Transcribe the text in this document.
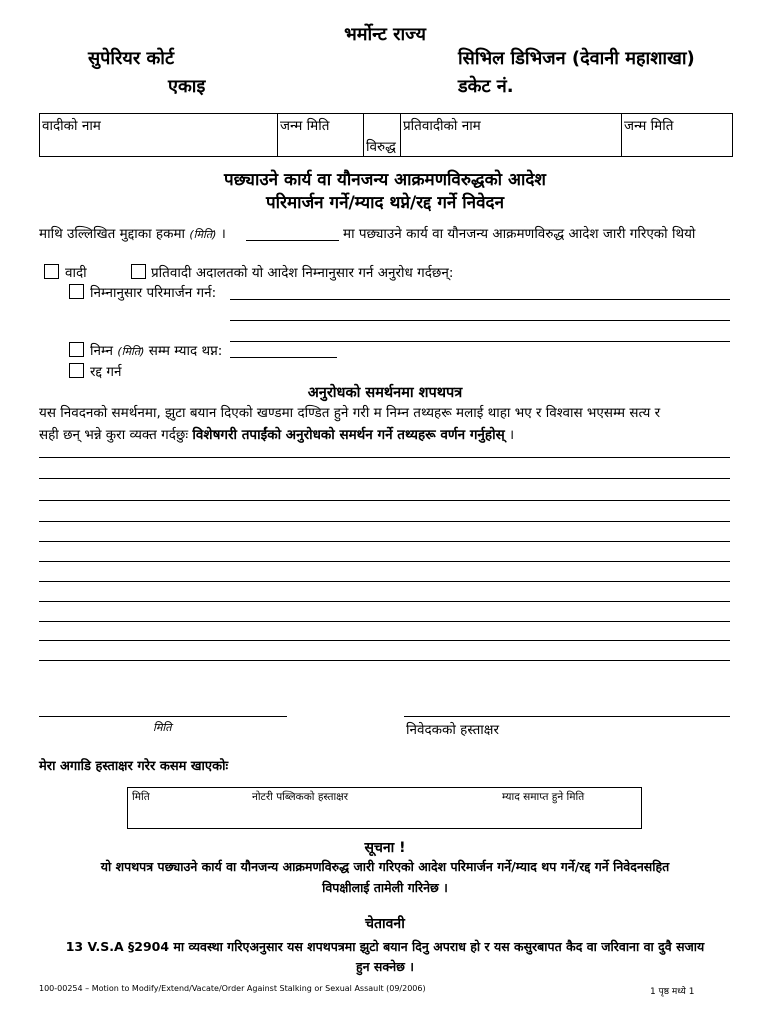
भर्मोन्ट राज्य
सुपेरियर कोर्ट
एकाइ
सिभिल डिभिजन (देवानी महाशाखा)
डकेट नं.
वादीको नाम	जन्म मिति
विरुद्ध
प्रतिवादीको नाम	जन्म मिति
पछ्याउने कार्य वा यौनजन्य आक्रमणविरुद्धको आदेश
परिमार्जन गर्ने/म्याद थप्ने/रद्द गर्ने निवेदन
माथि उल्लिखित मुद्दाका हकमा (मिति) ।	मा पछ्याउने कार्य वा यौनजन्य आक्रमणविरुद्ध आदेश जारी गरिएको थियो
वादी	प्रतिवादी अदालतको यो आदेश निम्नानुसार गर्न अनुरोध गर्दछन्:
निम्नानुसार परिमार्जन गर्न:
निम्न (मिति) सम्म म्याद थप्न:
रद्द गर्न
अनुरोधको समर्थनमा शपथपत्र
यस निवदनको समर्थनमा, झुटा बयान दिएको खण्डमा दण्डित हुने गरी म निम्न तथ्यहरू मलाई थाहा भए र विश्वास भएसम्म सत्य र
सही छन् भन्ने कुरा व्यक्त गर्दछुः विशेषगरी तपाईंको अनुरोधको समर्थन गर्ने तथ्यहरू वर्णन गर्नुहोस् ।
मिति	निवेदकको हस्ताक्षर
मेरा अगाडि हस्ताक्षर गरेर कसम खाएकोः
मिति	नोटरी पब्लिकको हस्ताक्षर	म्याद समाप्त हुने मिति
सूचना !
यो शपथपत्र पछ्याउने कार्य वा यौनजन्य आक्रमणविरुद्ध जारी गरिएको आदेश परिमार्जन गर्ने/म्याद थप गर्ने/रद्द गर्ने निवेदनसहित
विपक्षीलाई तामेली गरिनेछ ।
चेतावनी
13 V.S.A §2904 मा व्यवस्था गरिएअनुसार यस शपथपत्रमा झुटो बयान दिनु अपराध हो र यस कसुरबापत कैद वा जरिवाना वा दुवै सजाय
हुन सक्नेछ ।
100-00254 – Motion to Modify/Extend/Vacate/Order Against Stalking or Sexual Assault (09/2006)	1 पृष्ठ मध्ये 1
